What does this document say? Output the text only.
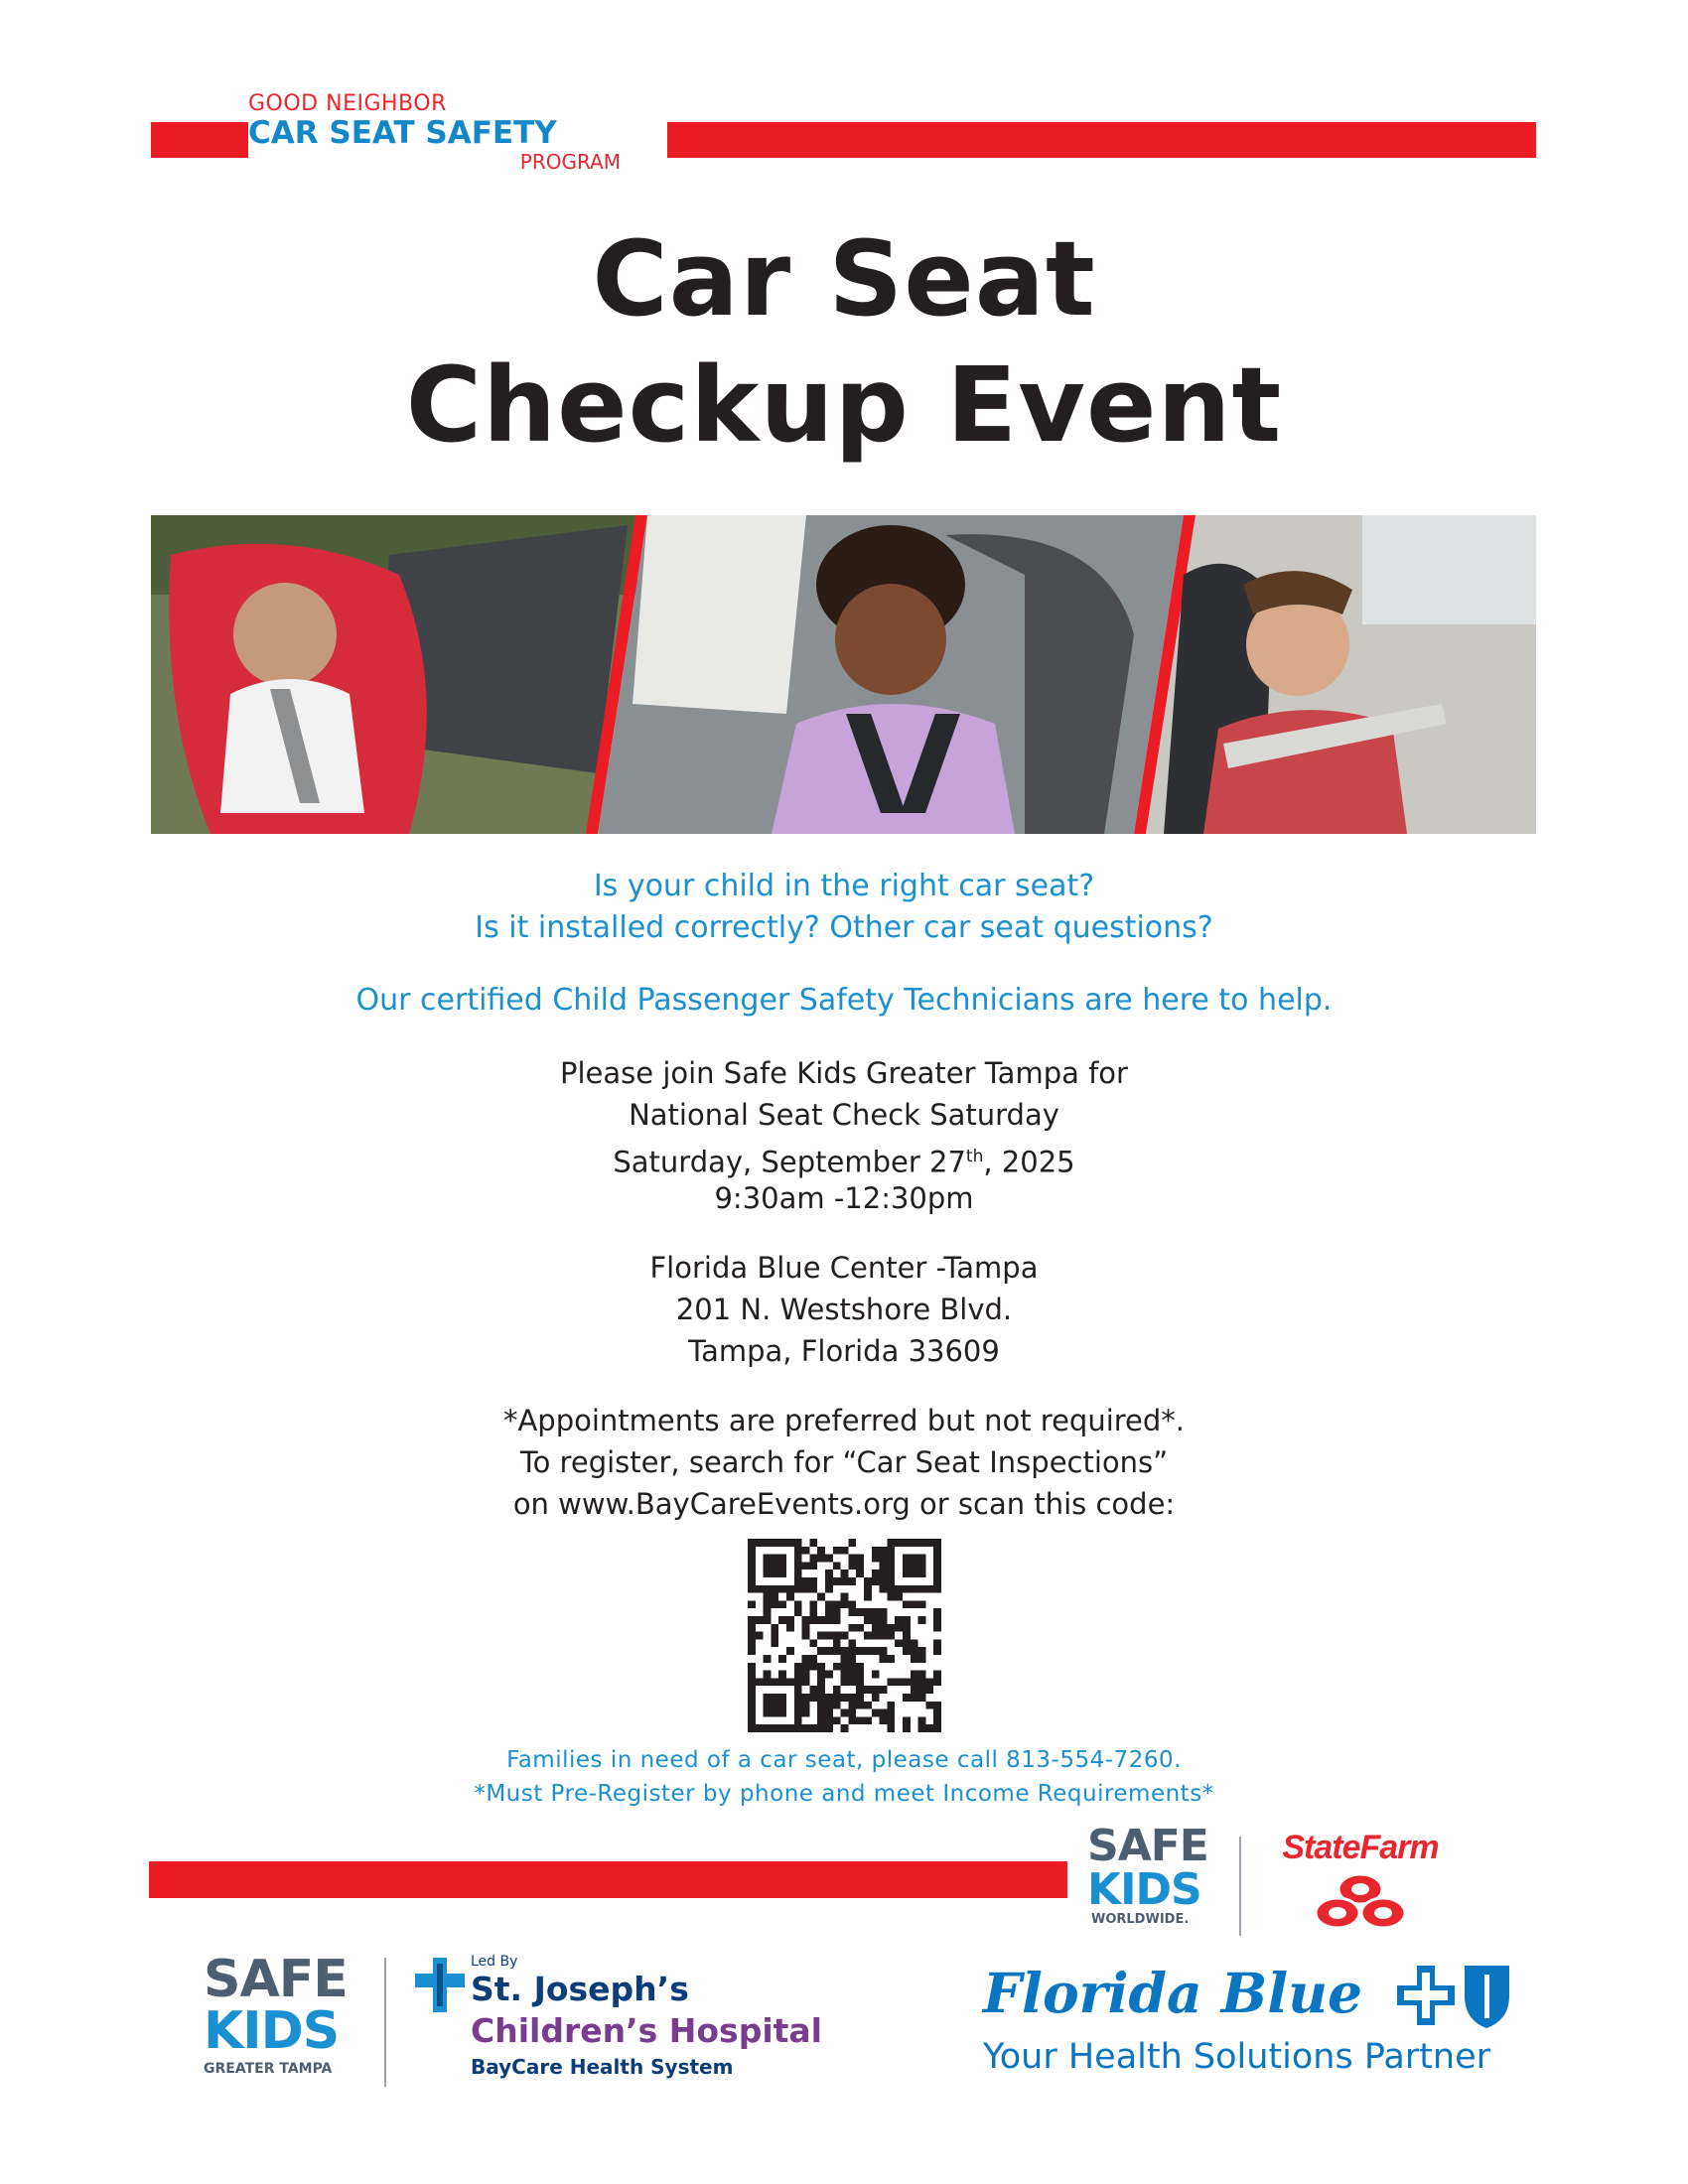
GOOD NEIGHBOR
CAR SEAT SAFETY
PROGRAM
Car Seat
Checkup Event
Is your child in the right car seat?
Is it installed correctly? Other car seat questions?
Our certified Child Passenger Safety Technicians are here to help.
Please join Safe Kids Greater Tampa for
National Seat Check Saturday
Saturday, September 27th, 2025
9:30am -12:30pm
Florida Blue Center -Tampa
201 N. Westshore Blvd.
Tampa, Florida 33609
*Appointments are preferred but not required*.
To register, search for “Car Seat Inspections”
on www.BayCareEvents.org or scan this code:
Families in need of a car seat, please call 813-554-7260.
*Must Pre-Register by phone and meet Income Requirements*
SAFE
KIDS
WORLDWIDE.
StateFarm
SAFE
KIDS
GREATER TAMPA
Led By
St. Joseph’s
Children’s Hospital
BayCare Health System
Florida Blue
Your Health Solutions Partner
